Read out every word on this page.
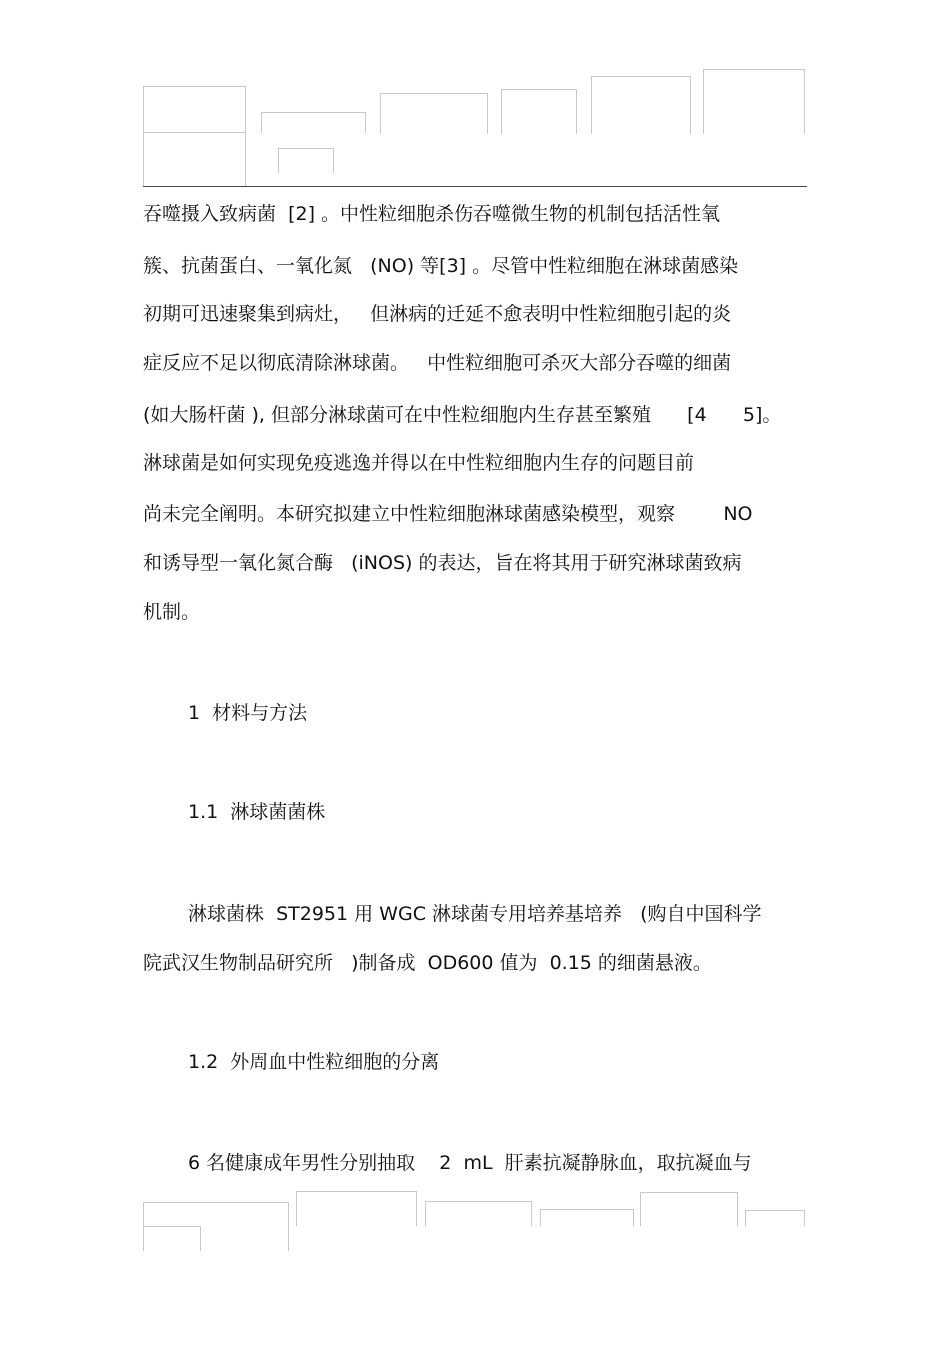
吞噬摄入致病菌  [2] 。中性粒细胞杀伤吞噬微生物的机制包括活性氧
簇、抗菌蛋白、一氧化氮   (NO) 等[3] 。尽管中性粒细胞在淋球菌感染
初期可迅速聚集到病灶，   但淋病的迁延不愈表明中性粒细胞引起的炎
症反应不足以彻底清除淋球菌。   中性粒细胞可杀灭大部分吞噬的细菌
(如大肠杆菌 ), 但部分淋球菌可在中性粒细胞内生存甚至繁殖      [4      5]。
淋球菌是如何实现免疫逃逸并得以在中性粒细胞内生存的问题目前
尚未完全阐明。本研究拟建立中性粒细胞淋球菌感染模型，观察        NO
和诱导型一氧化氮合酶   (iNOS) 的表达，旨在将其用于研究淋球菌致病
机制。
1  材料与方法
1.1  淋球菌菌株
淋球菌株  ST2951 用 WGC 淋球菌专用培养基培养   (购自中国科学
院武汉生物制品研究所   )制备成  OD600 值为  0.15 的细菌悬液。
1.2  外周血中性粒细胞的分离
6 名健康成年男性分别抽取    2  mL  肝素抗凝静脉血，取抗凝血与
